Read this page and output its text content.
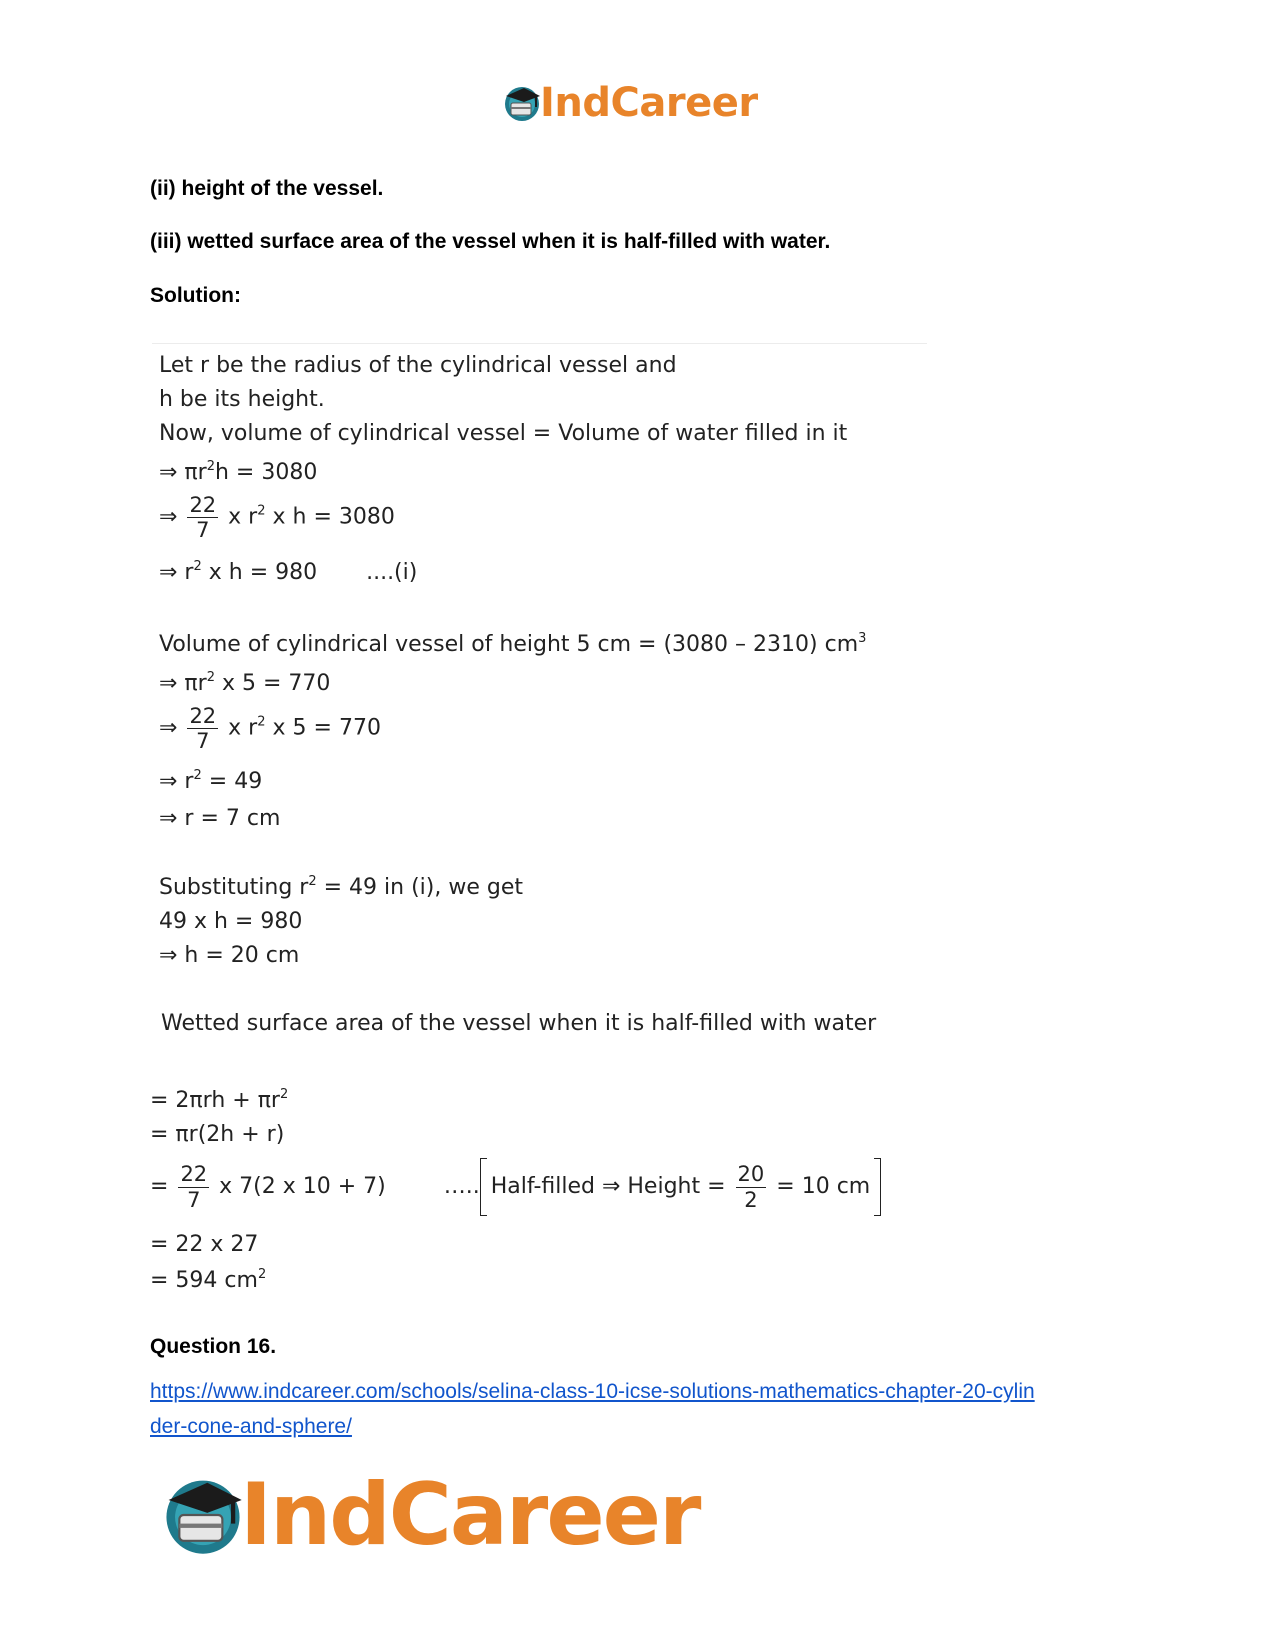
IndCareer
(ii) height of the vessel.
(iii) wetted surface area of the vessel when it is half-filled with water.
Solution:
Let r be the radius of the cylindrical vessel and
h be its height.
Now, volume of cylindrical vessel = Volume of water filled in it
⇒ $\pi r^2h = 3080$
⇒ $\frac{22}{7}$ x $r^2$ x h = 3080
⇒ $r^2$ x h = 980       ....(i)
Volume of cylindrical vessel of height 5 cm = (3080 – 2310) $cm^3$
⇒ $\pi r^2$ x 5 = 770
⇒ $\frac{22}{7}$ x $r^2$ x 5 = 770
⇒ $r^2 = 49$
⇒ r = 7 cm
Substituting $r^2 = 49$ in (i), we get
49 x h = 980
⇒ h = 20 cm
Wetted surface area of the vessel when it is half-filled with water
= $2\pi rh + \pi r^2$
= πr(2h + r)
= $\frac{22}{7}$ x 7(2 x 10 + 7)	….. Half-filled ⇒ Height = $\frac{20}{2} = 10$ cm
= 22 x 27
= 594 $cm^2$
Question 16.
https://www.indcareer.com/schools/selina-class-10-icse-solutions-mathematics-chapter-20-cylin
der-cone-and-sphere/
IndCareer
